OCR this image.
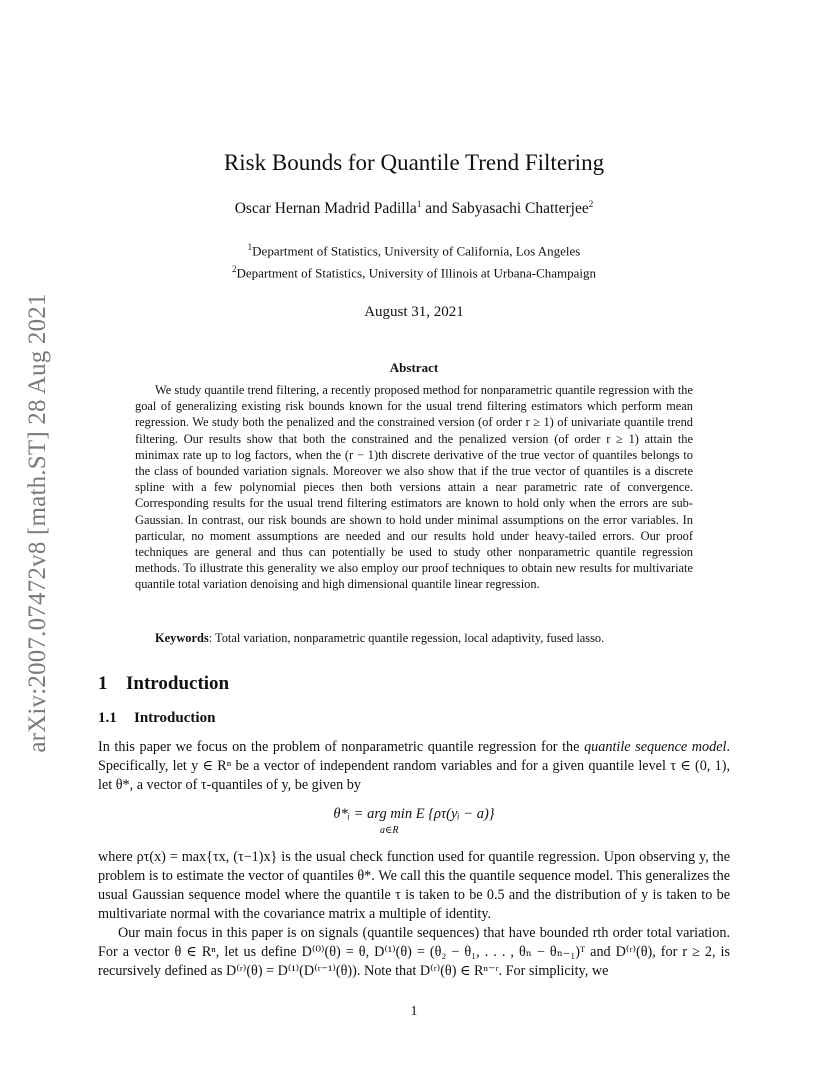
arXiv:2007.07472v8 [math.ST] 28 Aug 2021
Risk Bounds for Quantile Trend Filtering
Oscar Hernan Madrid Padilla$^1$ and Sabyasachi Chatterjee$^2$
$^1$Department of Statistics, University of California, Los Angeles
$^2$Department of Statistics, University of Illinois at Urbana-Champaign
August 31, 2021
Abstract

We study quantile trend filtering, a recently proposed method for nonparametric quantile regression with the goal of generalizing existing risk bounds known for the usual trend filtering estimators which perform mean regression. We study both the penalized and the constrained version (of order r ≥ 1) of univariate quantile trend filtering. Our results show that both the constrained and the penalized version (of order r ≥ 1) attain the minimax rate up to log factors, when the (r − 1)th discrete derivative of the true vector of quantiles belongs to the class of bounded variation signals. Moreover we also show that if the true vector of quantiles is a discrete spline with a few polynomial pieces then both versions attain a near parametric rate of convergence. Corresponding results for the usual trend filtering estimators are known to hold only when the errors are sub-Gaussian. In contrast, our risk bounds are shown to hold under minimal assumptions on the error variables. In particular, no moment assumptions are needed and our results hold under heavy-tailed errors. Our proof techniques are general and thus can potentially be used to study other nonparametric quantile regression methods. To illustrate this generality we also employ our proof techniques to obtain new results for multivariate quantile total variation denoising and high dimensional quantile linear regression.

Keywords: Total variation, nonparametric quantile regession, local adaptivity, fused lasso.
1 Introduction
1.1 Introduction

In this paper we focus on the problem of nonparametric quantile regression for the quantile sequence model. Specifically, let y ∈ Rⁿ be a vector of independent random variables and for a given quantile level τ ∈ (0, 1), let θ*, a vector of τ-quantiles of y, be given by

θ*ᵢ = arg min E {ρτ(yᵢ − a)}
a∈R

where ρτ(x) = max{τx, (τ−1)x} is the usual check function used for quantile regression. Upon observing y, the problem is to estimate the vector of quantiles θ*. We call this the quantile sequence model. This generalizes the usual Gaussian sequence model where the quantile τ is taken to be 0.5 and the distribution of y is taken to be multivariate normal with the covariance matrix a multiple of identity.

Our main focus in this paper is on signals (quantile sequences) that have bounded rth order total variation. For a vector θ ∈ Rⁿ, let us define D⁽⁰⁾(θ) = θ, D⁽¹⁾(θ) = (θ₂ − θ₁, . . . , θₙ − θₙ₋₁)ᵀ and D⁽ʳ⁾(θ), for r ≥ 2, is recursively defined as D⁽ʳ⁾(θ) = D⁽¹⁾(D⁽ʳ⁻¹⁾(θ)). Note that D⁽ʳ⁾(θ) ∈ Rⁿ⁻ʳ. For simplicity, we

1
